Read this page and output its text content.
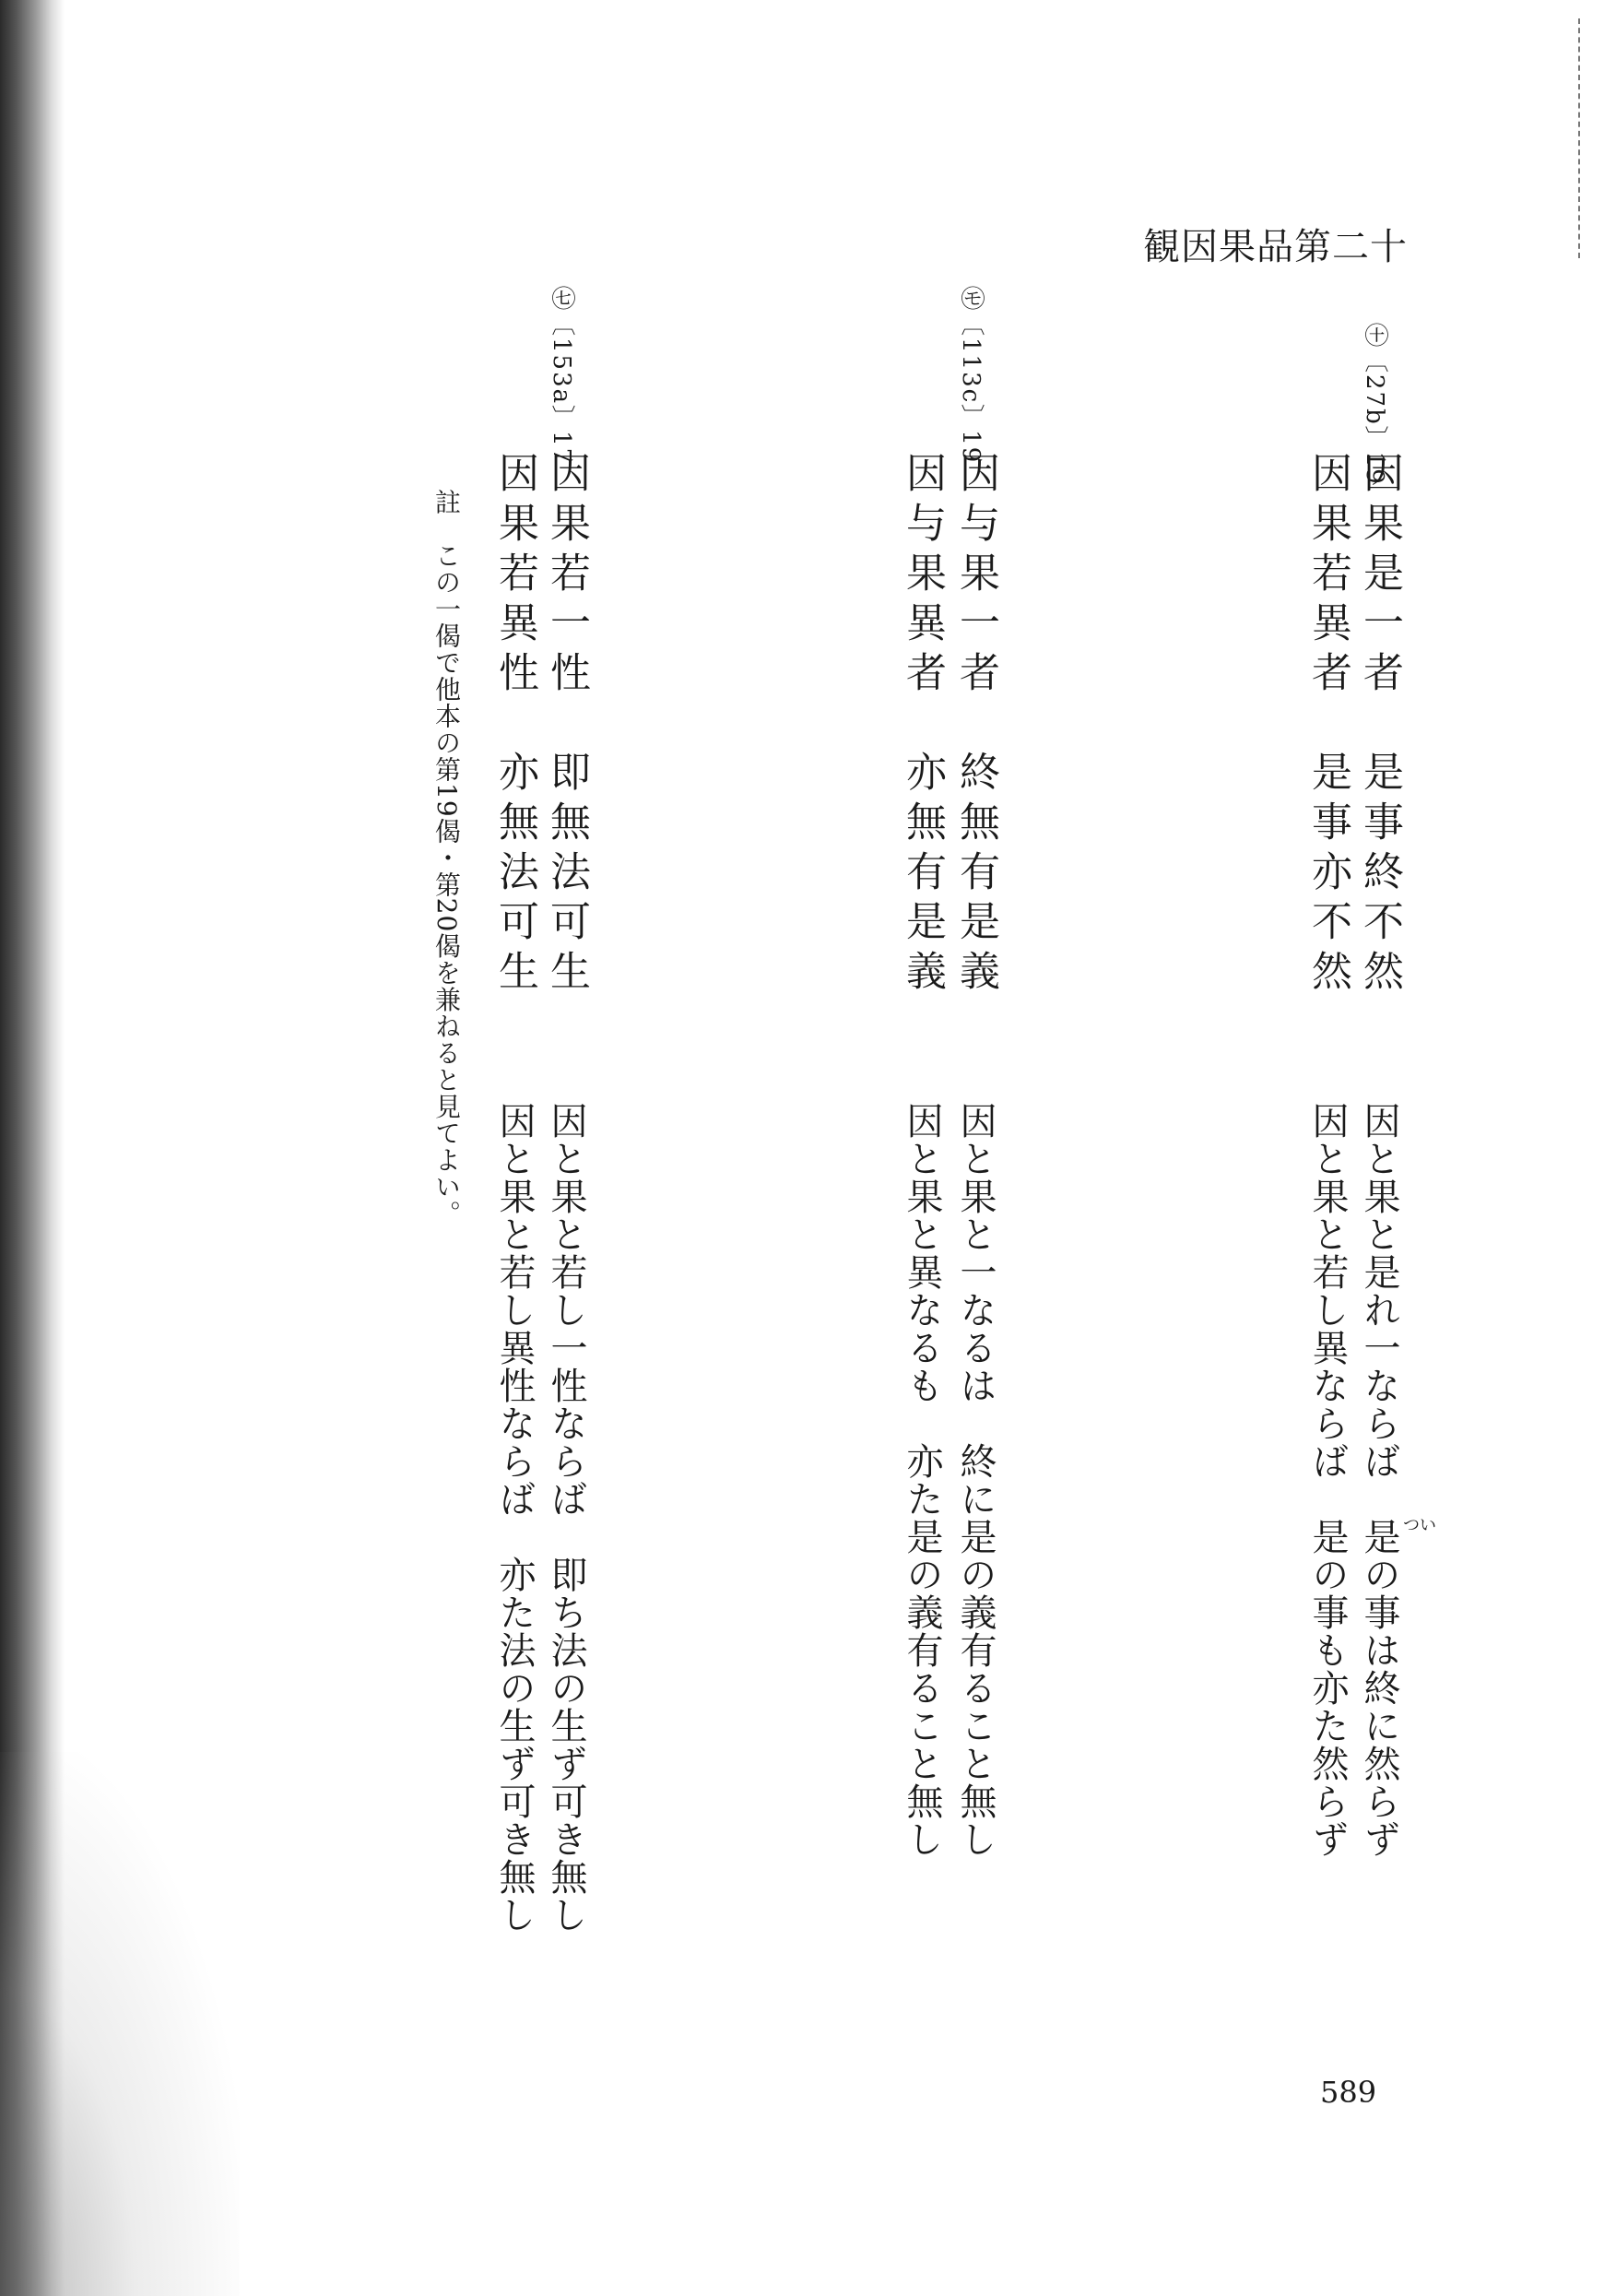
観因果品第二十
㊉〔27b〕19
因果是一者　是事終不然
因果若異者　是事亦不然
因と果と是れ一ならば　是の事は終に然らず
因と果と若し異ならば　是の事も亦た然らず	つい
㋲〔113c〕19
因与果一者　終無有是義
因与果異者　亦無有是義
因と果と一なるは　終に是の義有ること無し
因と果と異なるも　亦た是の義有ること無し
㊆〔153a〕17
因果若一性　即無法可生
因果若異性　亦無法可生
因と果と若し一性ならば　即ち法の生ず可き無し
因と果と若し異性ならば　亦た法の生ず可き無し
註　この一偈で他本の第19偈・第20偈を兼ねると見てよい。
589
